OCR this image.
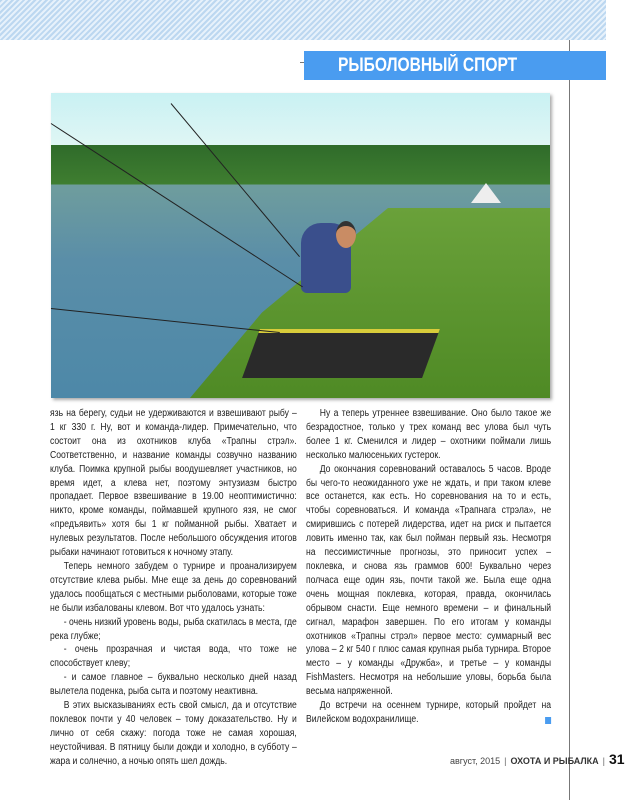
РЫБОЛОВНЫЙ СПОРТ

язь на берегу, судьи не удерживаются и взвешивают рыбу – 1 кг 330 г. Ну, вот и команда-лидер. Примечательно, что состоит она из охотников клуба «Трапны стрэл». Соответственно, и название команды созвучно названию клуба. Поимка крупной рыбы воодушевляет участников, но время идет, а клева нет, поэтому энтузиазм быстро пропадает. Первое взвешивание в 19.00 неоптимистично: никто, кроме команды, поймавшей крупного язя, не смог «предъявить» хотя бы 1 кг пойманной рыбы. Хватает и нулевых результатов. После небольшого обсуждения итогов рыбаки начинают готовиться к ночному этапу.

Теперь немного забудем о турнире и проанализируем отсутствие клева рыбы. Мне еще за день до соревнований удалось пообщаться с местными рыболовами, которые тоже не были избалованы клевом. Вот что удалось узнать:

- очень низкий уровень воды, рыба скатилась в места, где река глубже;

- очень прозрачная и чистая вода, что тоже не способствует клеву;

- и самое главное – буквально несколько дней назад вылетела поденка, рыба сыта и поэтому неактивна.

В этих высказываниях есть свой смысл, да и отсутствие поклевок почти у 40 человек – тому доказательство. Ну и лично от себя скажу: погода тоже не самая хорошая, неустойчивая. В пятницу были дожди и холодно, в субботу – жара и солнечно, а ночью опять шел дождь.

Ну а теперь утреннее взвешивание. Оно было такое же безрадостное, только у трех команд вес улова был чуть более 1 кг. Сменился и лидер – охотники поймали лишь несколько малюсеньких густерок.

До окончания соревнований оставалось 5 часов. Вроде бы чего-то неожиданного уже не ждать, и при таком клеве все останется, как есть. Но соревнования на то и есть, чтобы соревноваться. И команда «Трапнага стрэла», не смирившись с потерей лидерства, идет на риск и пытается ловить именно так, как был пойман первый язь. Несмотря на пессимистичные прогнозы, это приносит успех – поклевка, и снова язь граммов 600! Буквально через полчаса еще один язь, почти такой же. Была еще одна очень мощная поклевка, которая, правда, окончилась обрывом снасти. Еще немного времени – и финальный сигнал, марафон завершен. По его итогам у команды охотников «Трапны стрэл» первое место: суммарный вес улова – 2 кг 540 г плюс самая крупная рыба турнира. Второе место – у команды «Дружба», и третье – у команды FishMasters. Несмотря на небольшие уловы, борьба была весьма напряженной.

До встречи на осеннем турнире, который пройдет на Вилейском водохранилище.

август, 2015 | ОХОТА И РЫБАЛКА | 31
